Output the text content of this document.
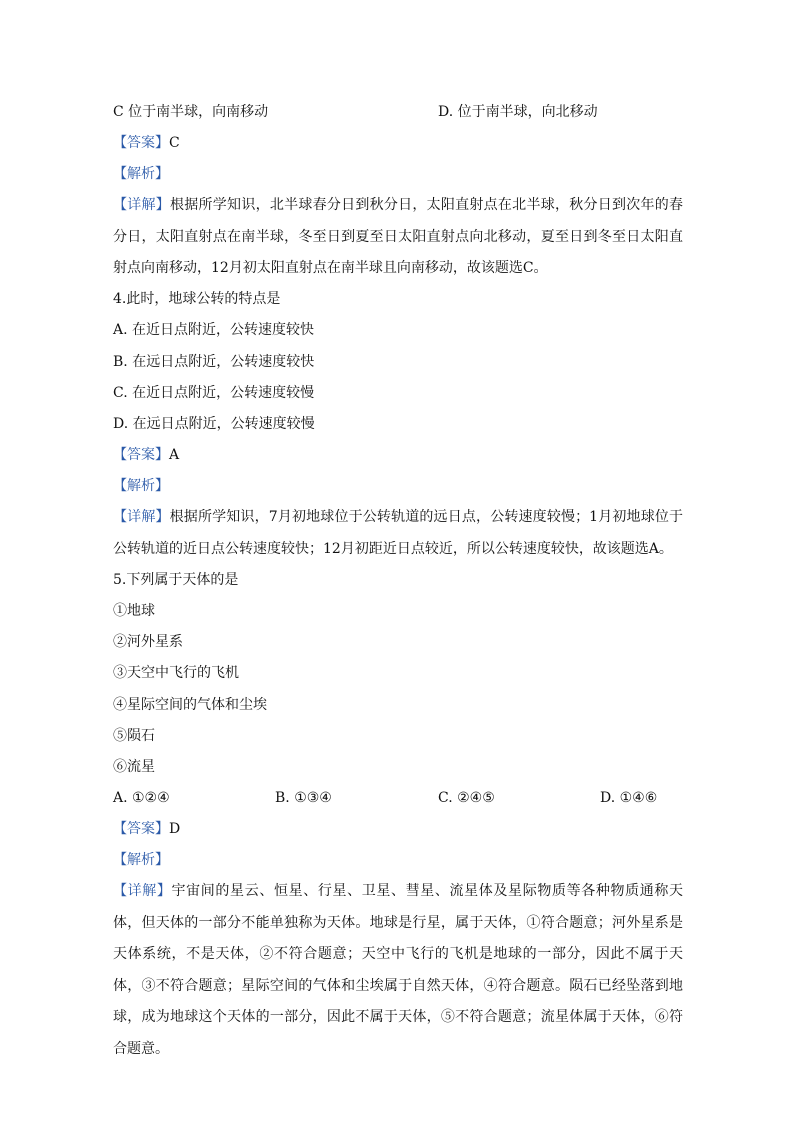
C 位于南半球，向南移动	D. 位于南半球，向北移动
【答案】C
【解析】
【详解】根据所学知识，北半球春分日到秋分日，太阳直射点在北半球，秋分日到次年的春分日，太阳直射点在南半球，冬至日到夏至日太阳直射点向北移动，夏至日到冬至日太阳直射点向南移动，12月初太阳直射点在南半球且向南移动，故该题选C。
4.此时，地球公转的特点是
A. 在近日点附近，公转速度较快
B. 在远日点附近，公转速度较快
C. 在近日点附近，公转速度较慢
D. 在远日点附近，公转速度较慢
【答案】A
【解析】
【详解】根据所学知识，7月初地球位于公转轨道的远日点，公转速度较慢；1月初地球位于公转轨道的近日点公转速度较快；12月初距近日点较近，所以公转速度较快，故该题选A。
5.下列属于天体的是
①地球
②河外星系
③天空中飞行的飞机
④星际空间的气体和尘埃
⑤陨石
⑥流星
A. ①②④	B. ①③④	C. ②④⑤	D. ①④⑥
【答案】D
【解析】
【详解】宇宙间的星云、恒星、行星、卫星、彗星、流星体及星际物质等各种物质通称天体，但天体的一部分不能单独称为天体。地球是行星，属于天体，①符合题意；河外星系是天体系统，不是天体，②不符合题意；天空中飞行的飞机是地球的一部分，因此不属于天体，③不符合题意；星际空间的气体和尘埃属于自然天体，④符合题意。陨石已经坠落到地球，成为地球这个天体的一部分，因此不属于天体，⑤不符合题意；流星体属于天体，⑥符合题意。
